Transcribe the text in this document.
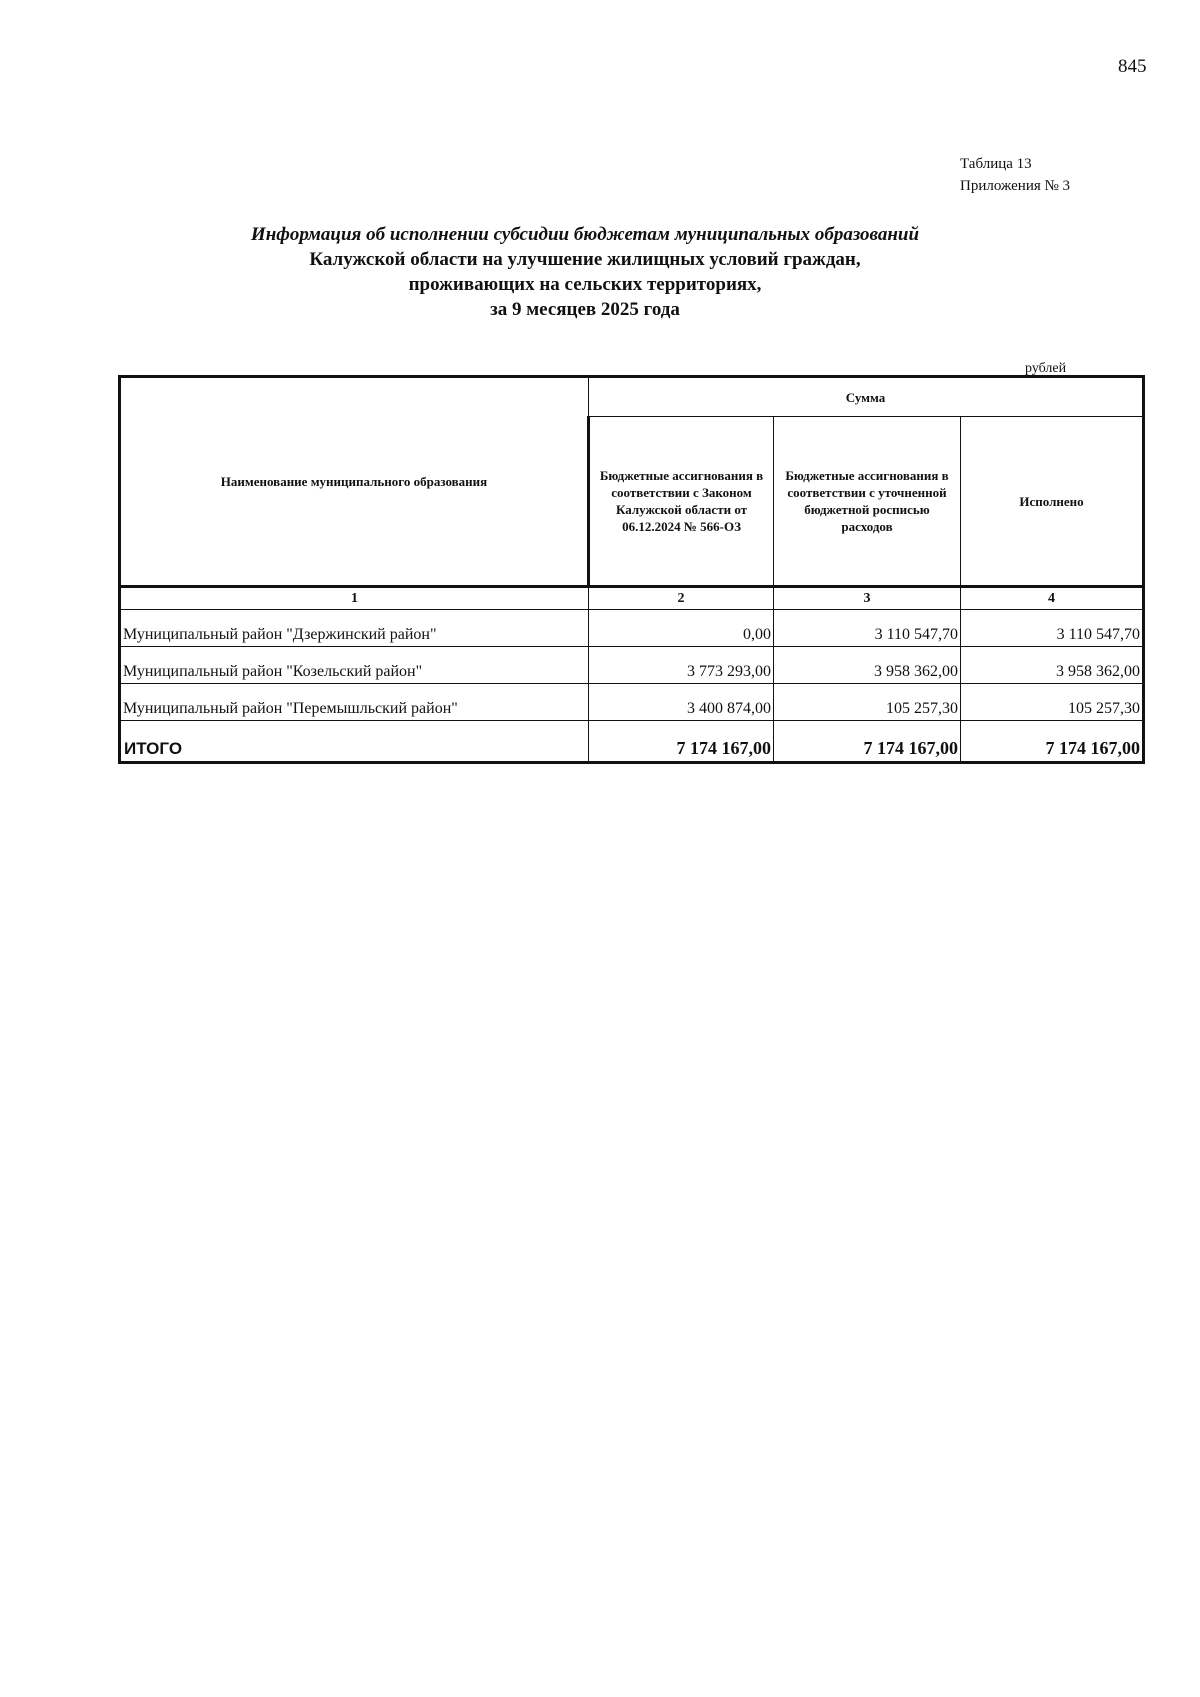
845
Таблица 13
Приложения № 3
Информация об исполнении субсидии бюджетам муниципальных образований
Калужской области на улучшение жилищных условий граждан,
проживающих на сельских территориях,
за 9 месяцев 2025 года
рублей
Наименование муниципального образования	Сумма		
	Бюджетные ассигнования в соответствии с Законом Калужской области от 06.12.2024 № 566-ОЗ	Бюджетные ассигнования в соответствии с уточненной бюджетной росписью расходов	Исполнено
1	2	3	4
Муниципальный район "Дзержинский район"	0,00	3 110 547,70	3 110 547,70
Муниципальный район "Козельский район"	3 773 293,00	3 958 362,00	3 958 362,00
Муниципальный район "Перемышльский район"	3 400 874,00	105 257,30	105 257,30
ИТОГО	7 174 167,00	7 174 167,00	7 174 167,00
